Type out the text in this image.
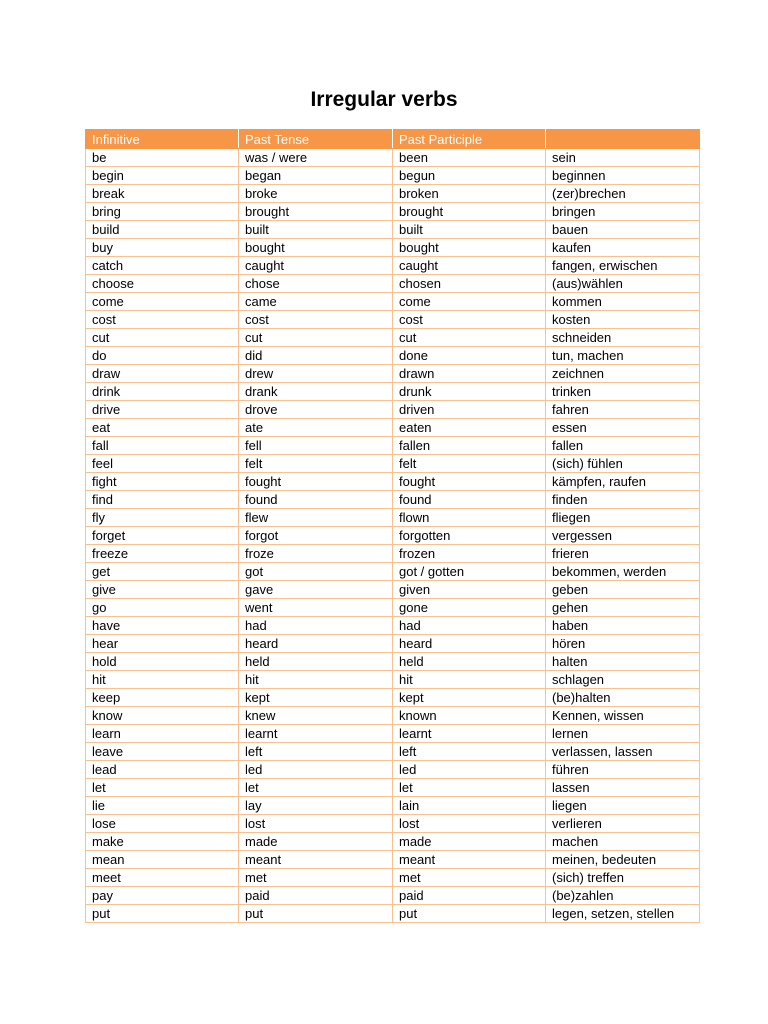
Irregular verbs
Infinitive	Past Tense	Past Participle	
be	was / were	been	sein
begin	began	begun	beginnen
break	broke	broken	(zer)brechen
bring	brought	brought	bringen
build	built	built	bauen
buy	bought	bought	kaufen
catch	caught	caught	fangen, erwischen
choose	chose	chosen	(aus)wählen
come	came	come	kommen
cost	cost	cost	kosten
cut	cut	cut	schneiden
do	did	done	tun, machen
draw	drew	drawn	zeichnen
drink	drank	drunk	trinken
drive	drove	driven	fahren
eat	ate	eaten	essen
fall	fell	fallen	fallen
feel	felt	felt	(sich) fühlen
fight	fought	fought	kämpfen, raufen
find	found	found	finden
fly	flew	flown	fliegen
forget	forgot	forgotten	vergessen
freeze	froze	frozen	frieren
get	got	got / gotten	bekommen, werden
give	gave	given	geben
go	went	gone	gehen
have	had	had	haben
hear	heard	heard	hören
hold	held	held	halten
hit	hit	hit	schlagen
keep	kept	kept	(be)halten
know	knew	known	Kennen, wissen
learn	learnt	learnt	lernen
leave	left	left	verlassen, lassen
lead	led	led	führen
let	let	let	lassen
lie	lay	lain	liegen
lose	lost	lost	verlieren
make	made	made	machen
mean	meant	meant	meinen, bedeuten
meet	met	met	(sich) treffen
pay	paid	paid	(be)zahlen
put	put	put	legen, setzen, stellen
